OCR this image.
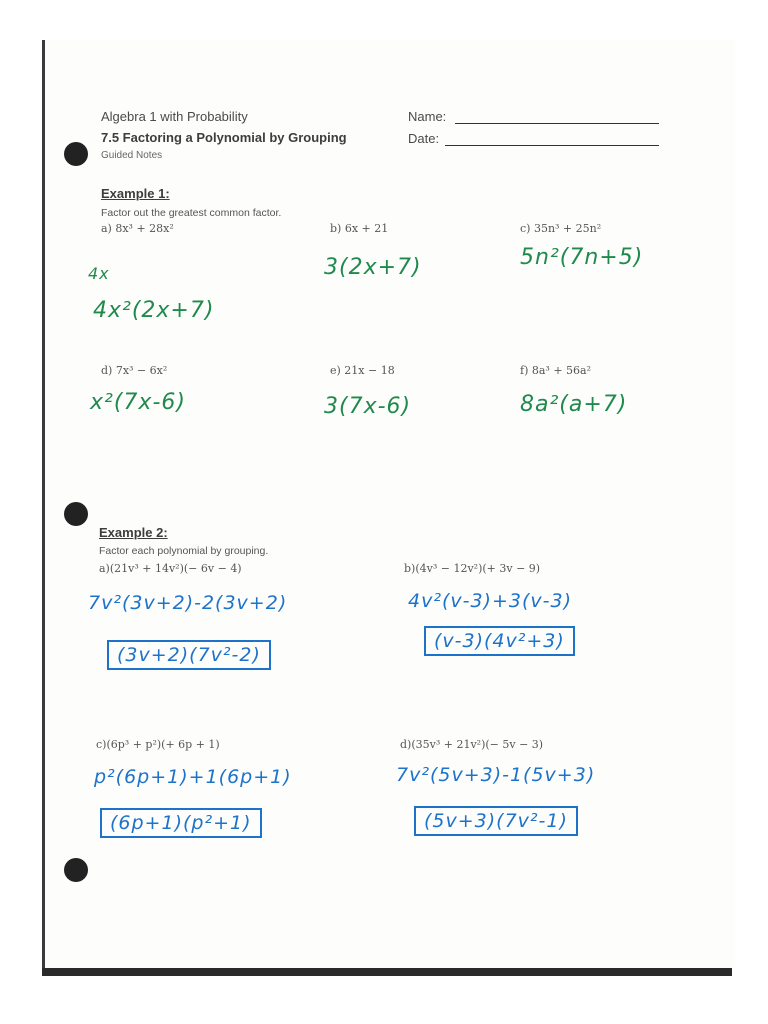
Algebra 1 with Probability
7.5 Factoring a Polynomial by Grouping
Guided Notes
Name:
Date:
Example 1:
Factor out the greatest common factor.
a) 8x³ + 28x²	b) 6x + 21	c) 35n³ + 25n²
4x
4x²(2x+7)
3(2x+7)	5n²(7n+5)
d) 7x³ − 6x²	e) 21x − 18	f) 8a³ + 56a²
x²(7x-6)	3(7x-6)	8a²(a+7)
Example 2:
Factor each polynomial by grouping.
a)(21v³ + 14v²)(− 6v − 4)	b)(4v³ − 12v²)(+ 3v − 9)
7v²(3v+2)-2(3v+2)
(3v+2)(7v²-2)
4v²(v-3)+3(v-3)
(v-3)(4v²+3)
c)(6p³ + p²)(+ 6p + 1)	d)(35v³ + 21v²)(− 5v − 3)
p²(6p+1)+1(6p+1)
(6p+1)(p²+1)
7v²(5v+3)-1(5v+3)
(5v+3)(7v²-1)
